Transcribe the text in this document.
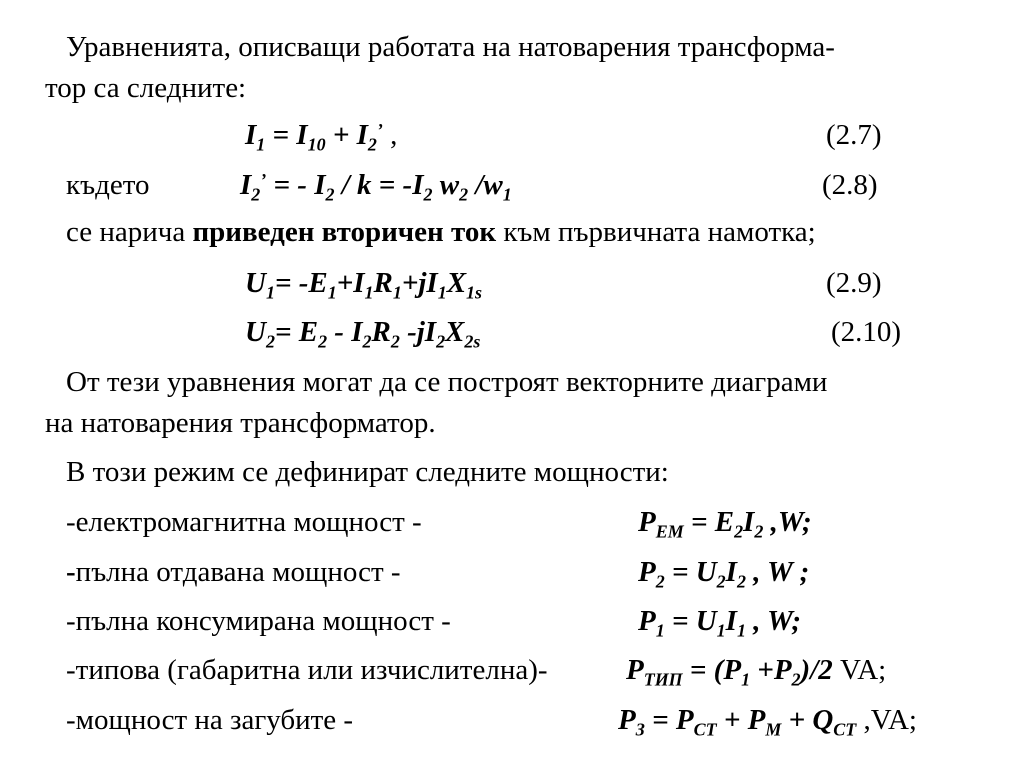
Уравненията, описващи работата на натоварения трансформа-
тор са следните:
$I_1 = I_{10} + I_2^’$ ,	(2.7)
където	$I_2^’$ = - $I_2 / k = -I_2$ $w_2$ $/w_1$	(2.8)
се нарича приведен вторичен ток към първичната намотка;
$U_1= -E_1+I_1R_1+jI_1X_{1s}$	(2.9)
$U_2= E_2 - I_2R_2$ $-jI_2X_{2s}$	(2.10)
От тези уравнения могат да се построят векторните диаграми
на натоварения трансформатор.
В този режим се дефинират следните мощности:
-електромагнитна мощност -	$P_{EM} = E_2I_2$ ,W;
-пълна отдавана мощност -	$P_2 = U_2I_2$ , W ;
-пълна консумирана мощност -	$P_1 = U_1I_1$ , W;
-типова (габаритна или изчислителна)-	$P_{ТИП} = (P_1 +P_2)/2$ VA;
-мощност на загубите -	$P_З = P_{СТ} + P_М + Q_{СТ}$ ,VA;
